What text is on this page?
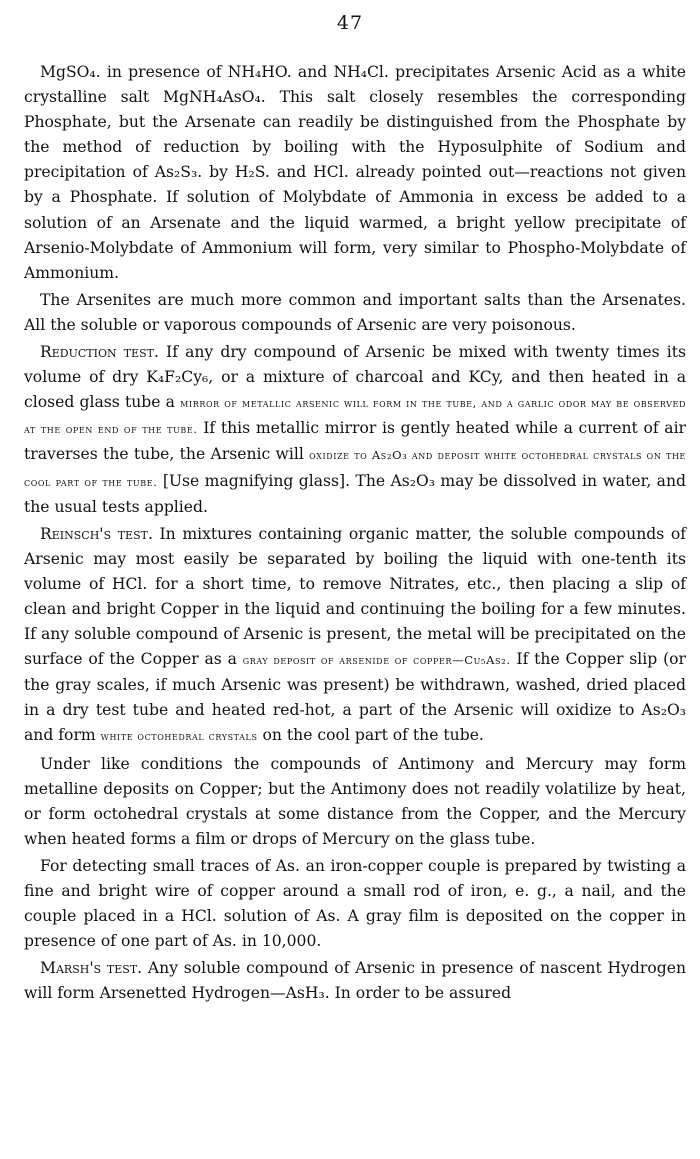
47

MgSO₄. in presence of NH₄HO. and NH₄Cl. precipitates Arsenic Acid as a white crystalline salt MgNH₄AsO₄. This salt closely resembles the corresponding Phosphate, but the Arsenate can readily be distinguished from the Phosphate by the method of reduction by boiling with the Hyposulphite of Sodium and precipitation of As₂S₃. by H₂S. and HCl. already pointed out—reactions not given by a Phosphate. If solution of Molybdate of Ammonia in excess be added to a solution of an Arsenate and the liquid warmed, a bright yellow precipitate of Arsenio-Molybdate of Ammonium will form, very similar to Phospho-Molybdate of Ammonium.

The Arsenites are much more common and important salts than the Arsenates. All the soluble or vaporous compounds of Arsenic are very poisonous.

Reduction test. If any dry compound of Arsenic be mixed with twenty times its volume of dry K₄F₂Cy₆, or a mixture of charcoal and KCy, and then heated in a closed glass tube a mirror of metallic arsenic will form in the tube, and a garlic odor may be observed at the open end of the tube. If this metallic mirror is gently heated while a current of air traverses the tube, the Arsenic will oxidize to As₂O₃ and deposit white octohedral crystals on the cool part of the tube. [Use magnifying glass]. The As₂O₃ may be dissolved in water, and the usual tests applied.

Reinsch's test. In mixtures containing organic matter, the soluble compounds of Arsenic may most easily be separated by boiling the liquid with one-tenth its volume of HCl. for a short time, to remove Nitrates, etc., then placing a slip of clean and bright Copper in the liquid and continuing the boiling for a few minutes. If any soluble compound of Arsenic is present, the metal will be precipitated on the surface of the Copper as a gray deposit of arsenide of copper—Cu₅As₂. If the Copper slip (or the gray scales, if much Arsenic was present) be withdrawn, washed, dried placed in a dry test tube and heated red-hot, a part of the Arsenic will oxidize to As₂O₃ and form white octohedral crystals on the cool part of the tube.

Under like conditions the compounds of Antimony and Mercury may form metalline deposits on Copper; but the Antimony does not readily volatilize by heat, or form octohedral crystals at some distance from the Copper, and the Mercury when heated forms a film or drops of Mercury on the glass tube.

For detecting small traces of As. an iron-copper couple is prepared by twisting a fine and bright wire of copper around a small rod of iron, e. g., a nail, and the couple placed in a HCl. solution of As. A gray film is deposited on the copper in presence of one part of As. in 10,000.

Marsh's test. Any soluble compound of Arsenic in presence of nascent Hydrogen will form Arsenetted Hydrogen—AsH₃. In order to be assured
